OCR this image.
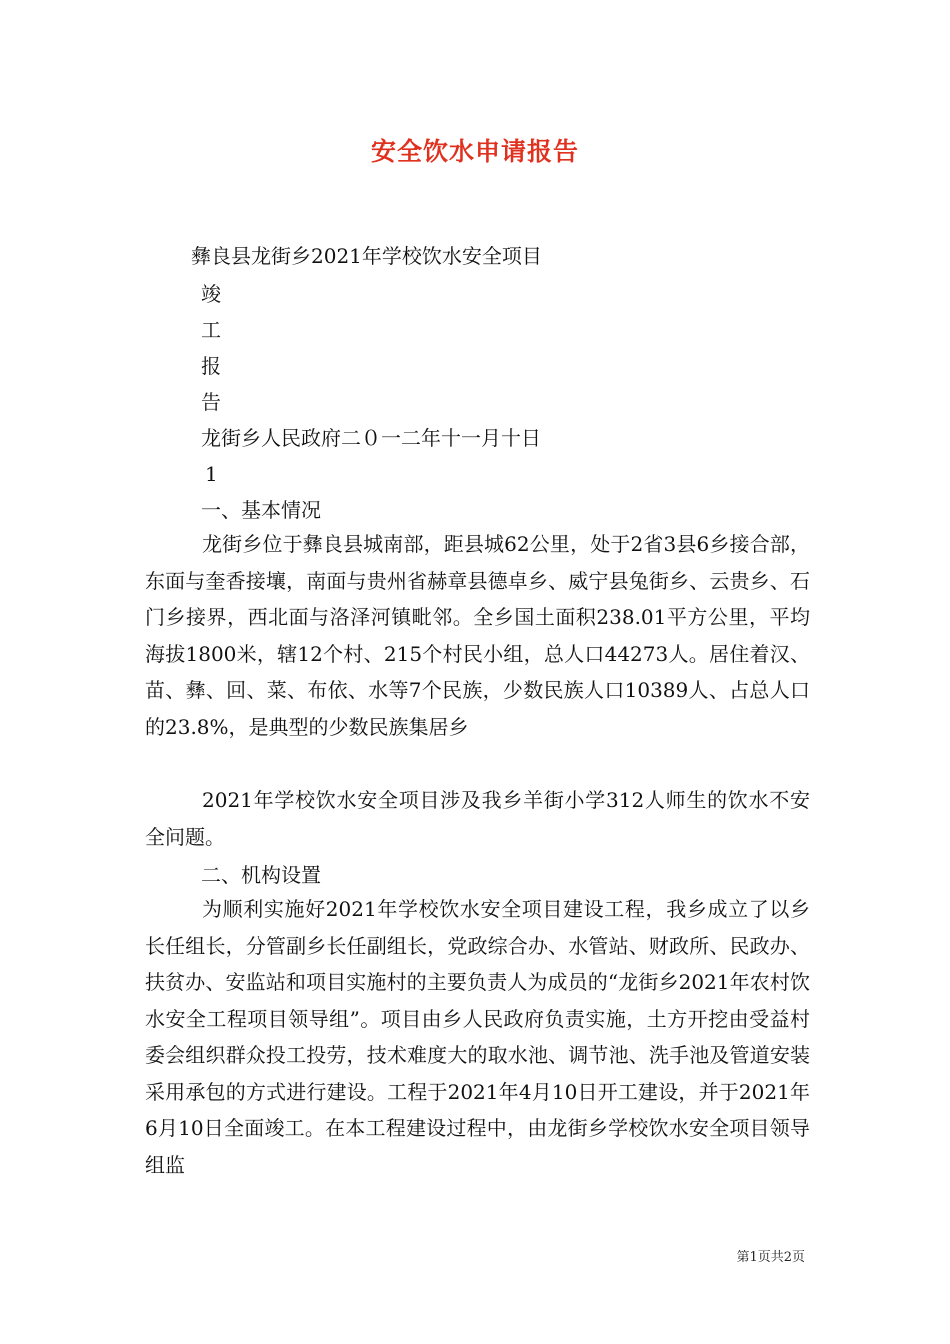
安全饮水申请报告
彝良县龙街乡2021年学校饮水安全项目
竣
工
报
告
龙街乡人民政府二０一二年十一月十日
1
一、基本情况
龙街乡位于彝良县城南部，距县城62公里，处于2省3县6乡接合部，东面与奎香接壤，南面与贵州省赫章县德卓乡、威宁县兔街乡、云贵乡、石门乡接界，西北面与洛泽河镇毗邻。全乡国土面积238.01平方公里，平均海拔1800米，辖12个村、215个村民小组，总人口44273人。居住着汉、苗、彝、回、菜、布依、水等7个民族，少数民族人口10389人、占总人口的23.8%，是典型的少数民族集居乡
2021年学校饮水安全项目涉及我乡羊街小学312人师生的饮水不安全问题。
二、机构设置
为顺利实施好2021年学校饮水安全项目建设工程，我乡成立了以乡长任组长，分管副乡长任副组长，党政综合办、水管站、财政所、民政办、扶贫办、安监站和项目实施村的主要负责人为成员的“龙街乡2021年农村饮水安全工程项目领导组”。项目由乡人民政府负责实施，土方开挖由受益村委会组织群众投工投劳，技术难度大的取水池、调节池、洗手池及管道安装采用承包的方式进行建设。工程于2021年4月10日开工建设，并于2021年6月10日全面竣工。在本工程建设过程中，由龙街乡学校饮水安全项目领导组监
第1页共2页
